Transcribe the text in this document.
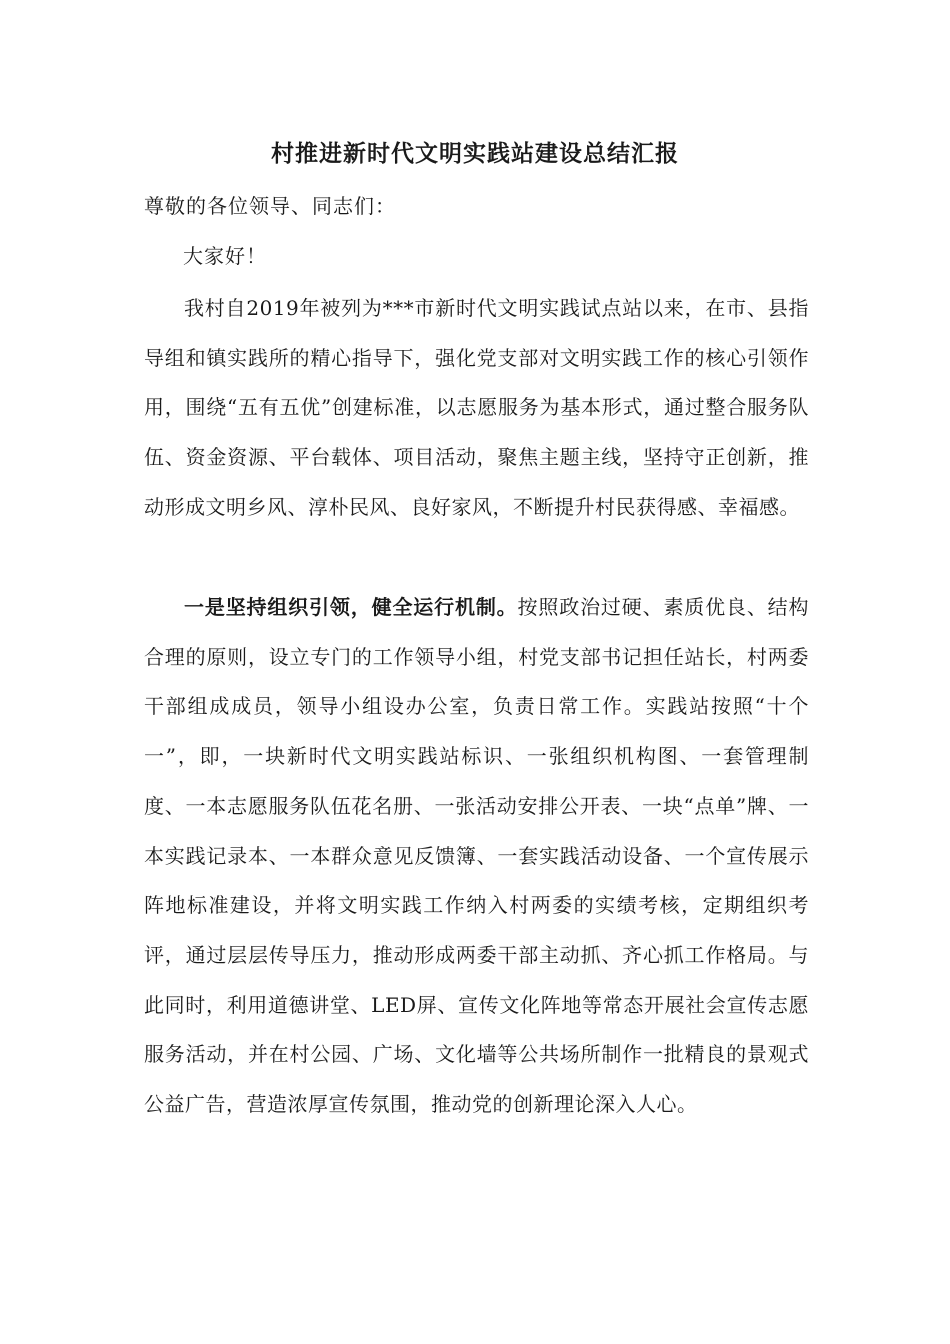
村推进新时代文明实践站建设总结汇报

尊敬的各位领导、同志们：

大家好！

我村自2019年被列为***市新时代文明实践试点站以来，在市、县指导组和镇实践所的精心指导下，强化党支部对文明实践工作的核心引领作用，围绕“五有五优”创建标准，以志愿服务为基本形式，通过整合服务队伍、资金资源、平台载体、项目活动，聚焦主题主线，坚持守正创新，推动形成文明乡风、淳朴民风、良好家风，不断提升村民获得感、幸福感。

一是坚持组织引领，健全运行机制。按照政治过硬、素质优良、结构合理的原则，设立专门的工作领导小组，村党支部书记担任站长，村两委干部组成成员，领导小组设办公室，负责日常工作。实践站按照“十个一”，即，一块新时代文明实践站标识、一张组织机构图、一套管理制度、一本志愿服务队伍花名册、一张活动安排公开表、一块“点单”牌、一本实践记录本、一本群众意见反馈簿、一套实践活动设备、一个宣传展示阵地标准建设，并将文明实践工作纳入村两委的实绩考核，定期组织考评，通过层层传导压力，推动形成两委干部主动抓、齐心抓工作格局。与此同时，利用道德讲堂、LED屏、宣传文化阵地等常态开展社会宣传志愿服务活动，并在村公园、广场、文化墙等公共场所制作一批精良的景观式公益广告，营造浓厚宣传氛围，推动党的创新理论深入人心。
